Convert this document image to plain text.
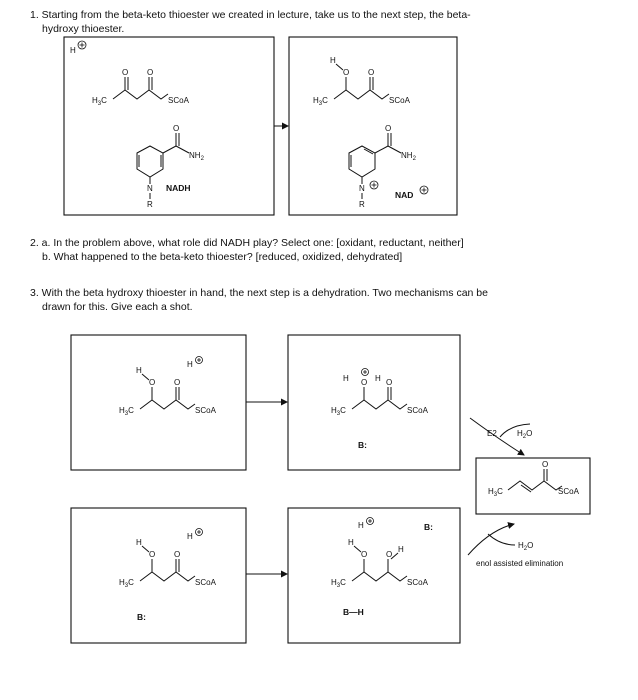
1. Starting from the beta-keto thioester we created in lecture, take us to the next step, the beta-

hydroxy thioester.
2. a. In the problem above, what role did NADH play? Select one: [oxidant, reductant, neither]

b. What happened to the beta-keto thioester? [reduced, oxidized, dehydrated]
3. With the beta hydroxy thioester in hand, the next step is a dehydration. Two mechanisms can be

drawn for this. Give each a shot.
H
O O
$H_3C$	SCoA
O
$NH_2$
N
R
NADH
O
H
O
$H_3C$	SCoA
O
$NH_2$
N
R
NAD
O
H
O
$H_3C$	SCoA
H
O O
H	H
$H_3C$	SCoA
B:
E2	$H_2O$
O
$H_3C$	SCoA
O
H
O
$H_3C$	SCoA
H
B:
O
H
O
H
H
$H_3C$	SCoA
B—H
B:
$H_2O$
enol assisted elimination
